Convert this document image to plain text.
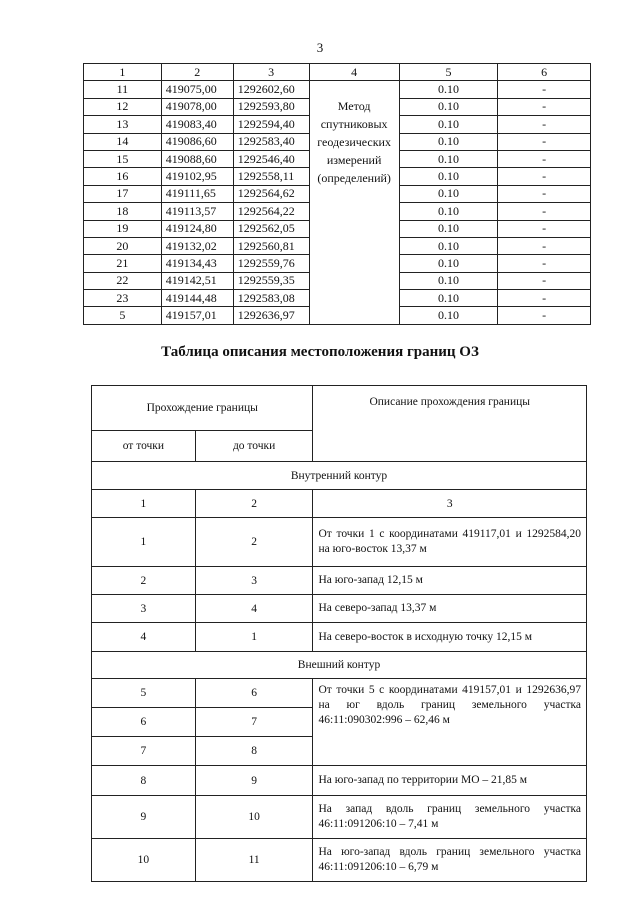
3
1	2	3	4	5	6
11	419075,00	1292602,60	Метод спутниковых геодезических измерений (определений)	0.10	-
12	419078,00	1292593,80		0.10	-
13	419083,40	1292594,40		0.10	-
14	419086,60	1292583,40		0.10	-
15	419088,60	1292546,40		0.10	-
16	419102,95	1292558,11		0.10	-
17	419111,65	1292564,62		0.10	-
18	419113,57	1292564,22		0.10	-
19	419124,80	1292562,05		0.10	-
20	419132,02	1292560,81		0.10	-
21	419134,43	1292559,76		0.10	-
22	419142,51	1292559,35		0.10	-
23	419144,48	1292583,08		0.10	-
5	419157,01	1292636,97		0.10	-
Таблица описания местоположения границ ОЗ
Прохождение границы		Описание прохождения границы
от точки	до точки	
Внутренний контур		
1	2	3
1	2	От точки 1 с координатами 419117,01 и 1292584,20 на юго-восток 13,37 м
2	3	На юго-запад 12,15 м
3	4	На северо-запад 13,37 м
4	1	На северо-восток в исходную точку 12,15 м
Внешний контур		
5	6	От точки 5 с координатами 419157,01 и 1292636,97 на юг вдоль границ земельного участка 46:11:090302:996 – 62,46 м
6	7	
7	8	
8	9	На юго-запад по территории МО – 21,85 м
9	10	На запад вдоль границ земельного участка 46:11:091206:10 – 7,41 м
10	11	На юго-запад вдоль границ земельного участка 46:11:091206:10 – 6,79 м
